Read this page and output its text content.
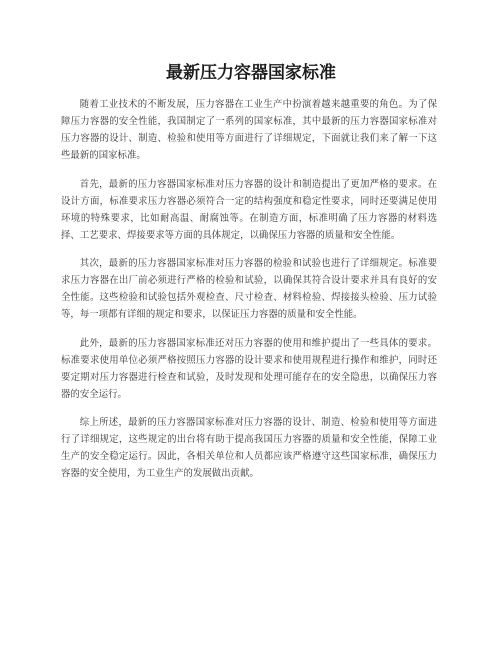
最新压力容器国家标准

随着工业技术的不断发展，压力容器在工业生产中扮演着越来越重要的角色。为了保障压力容器的安全性能，我国制定了一系列的国家标准，其中最新的压力容器国家标准对压力容器的设计、制造、检验和使用等方面进行了详细规定，下面就让我们来了解一下这些最新的国家标准。

首先，最新的压力容器国家标准对压力容器的设计和制造提出了更加严格的要求。在设计方面，标准要求压力容器必须符合一定的结构强度和稳定性要求，同时还要满足使用环境的特殊要求，比如耐高温、耐腐蚀等。在制造方面，标准明确了压力容器的材料选择、工艺要求、焊接要求等方面的具体规定，以确保压力容器的质量和安全性能。

其次，最新的压力容器国家标准对压力容器的检验和试验也进行了详细规定。标准要求压力容器在出厂前必须进行严格的检验和试验，以确保其符合设计要求并具有良好的安全性能。这些检验和试验包括外观检查、尺寸检查、材料检验、焊接接头检验、压力试验等，每一项都有详细的规定和要求，以保证压力容器的质量和安全性能。

此外，最新的压力容器国家标准还对压力容器的使用和维护提出了一些具体的要求。标准要求使用单位必须严格按照压力容器的设计要求和使用规程进行操作和维护，同时还要定期对压力容器进行检查和试验，及时发现和处理可能存在的安全隐患，以确保压力容器的安全运行。

综上所述，最新的压力容器国家标准对压力容器的设计、制造、检验和使用等方面进行了详细规定，这些规定的出台将有助于提高我国压力容器的质量和安全性能，保障工业生产的安全稳定运行。因此，各相关单位和人员都应该严格遵守这些国家标准，确保压力容器的安全使用，为工业生产的发展做出贡献。
